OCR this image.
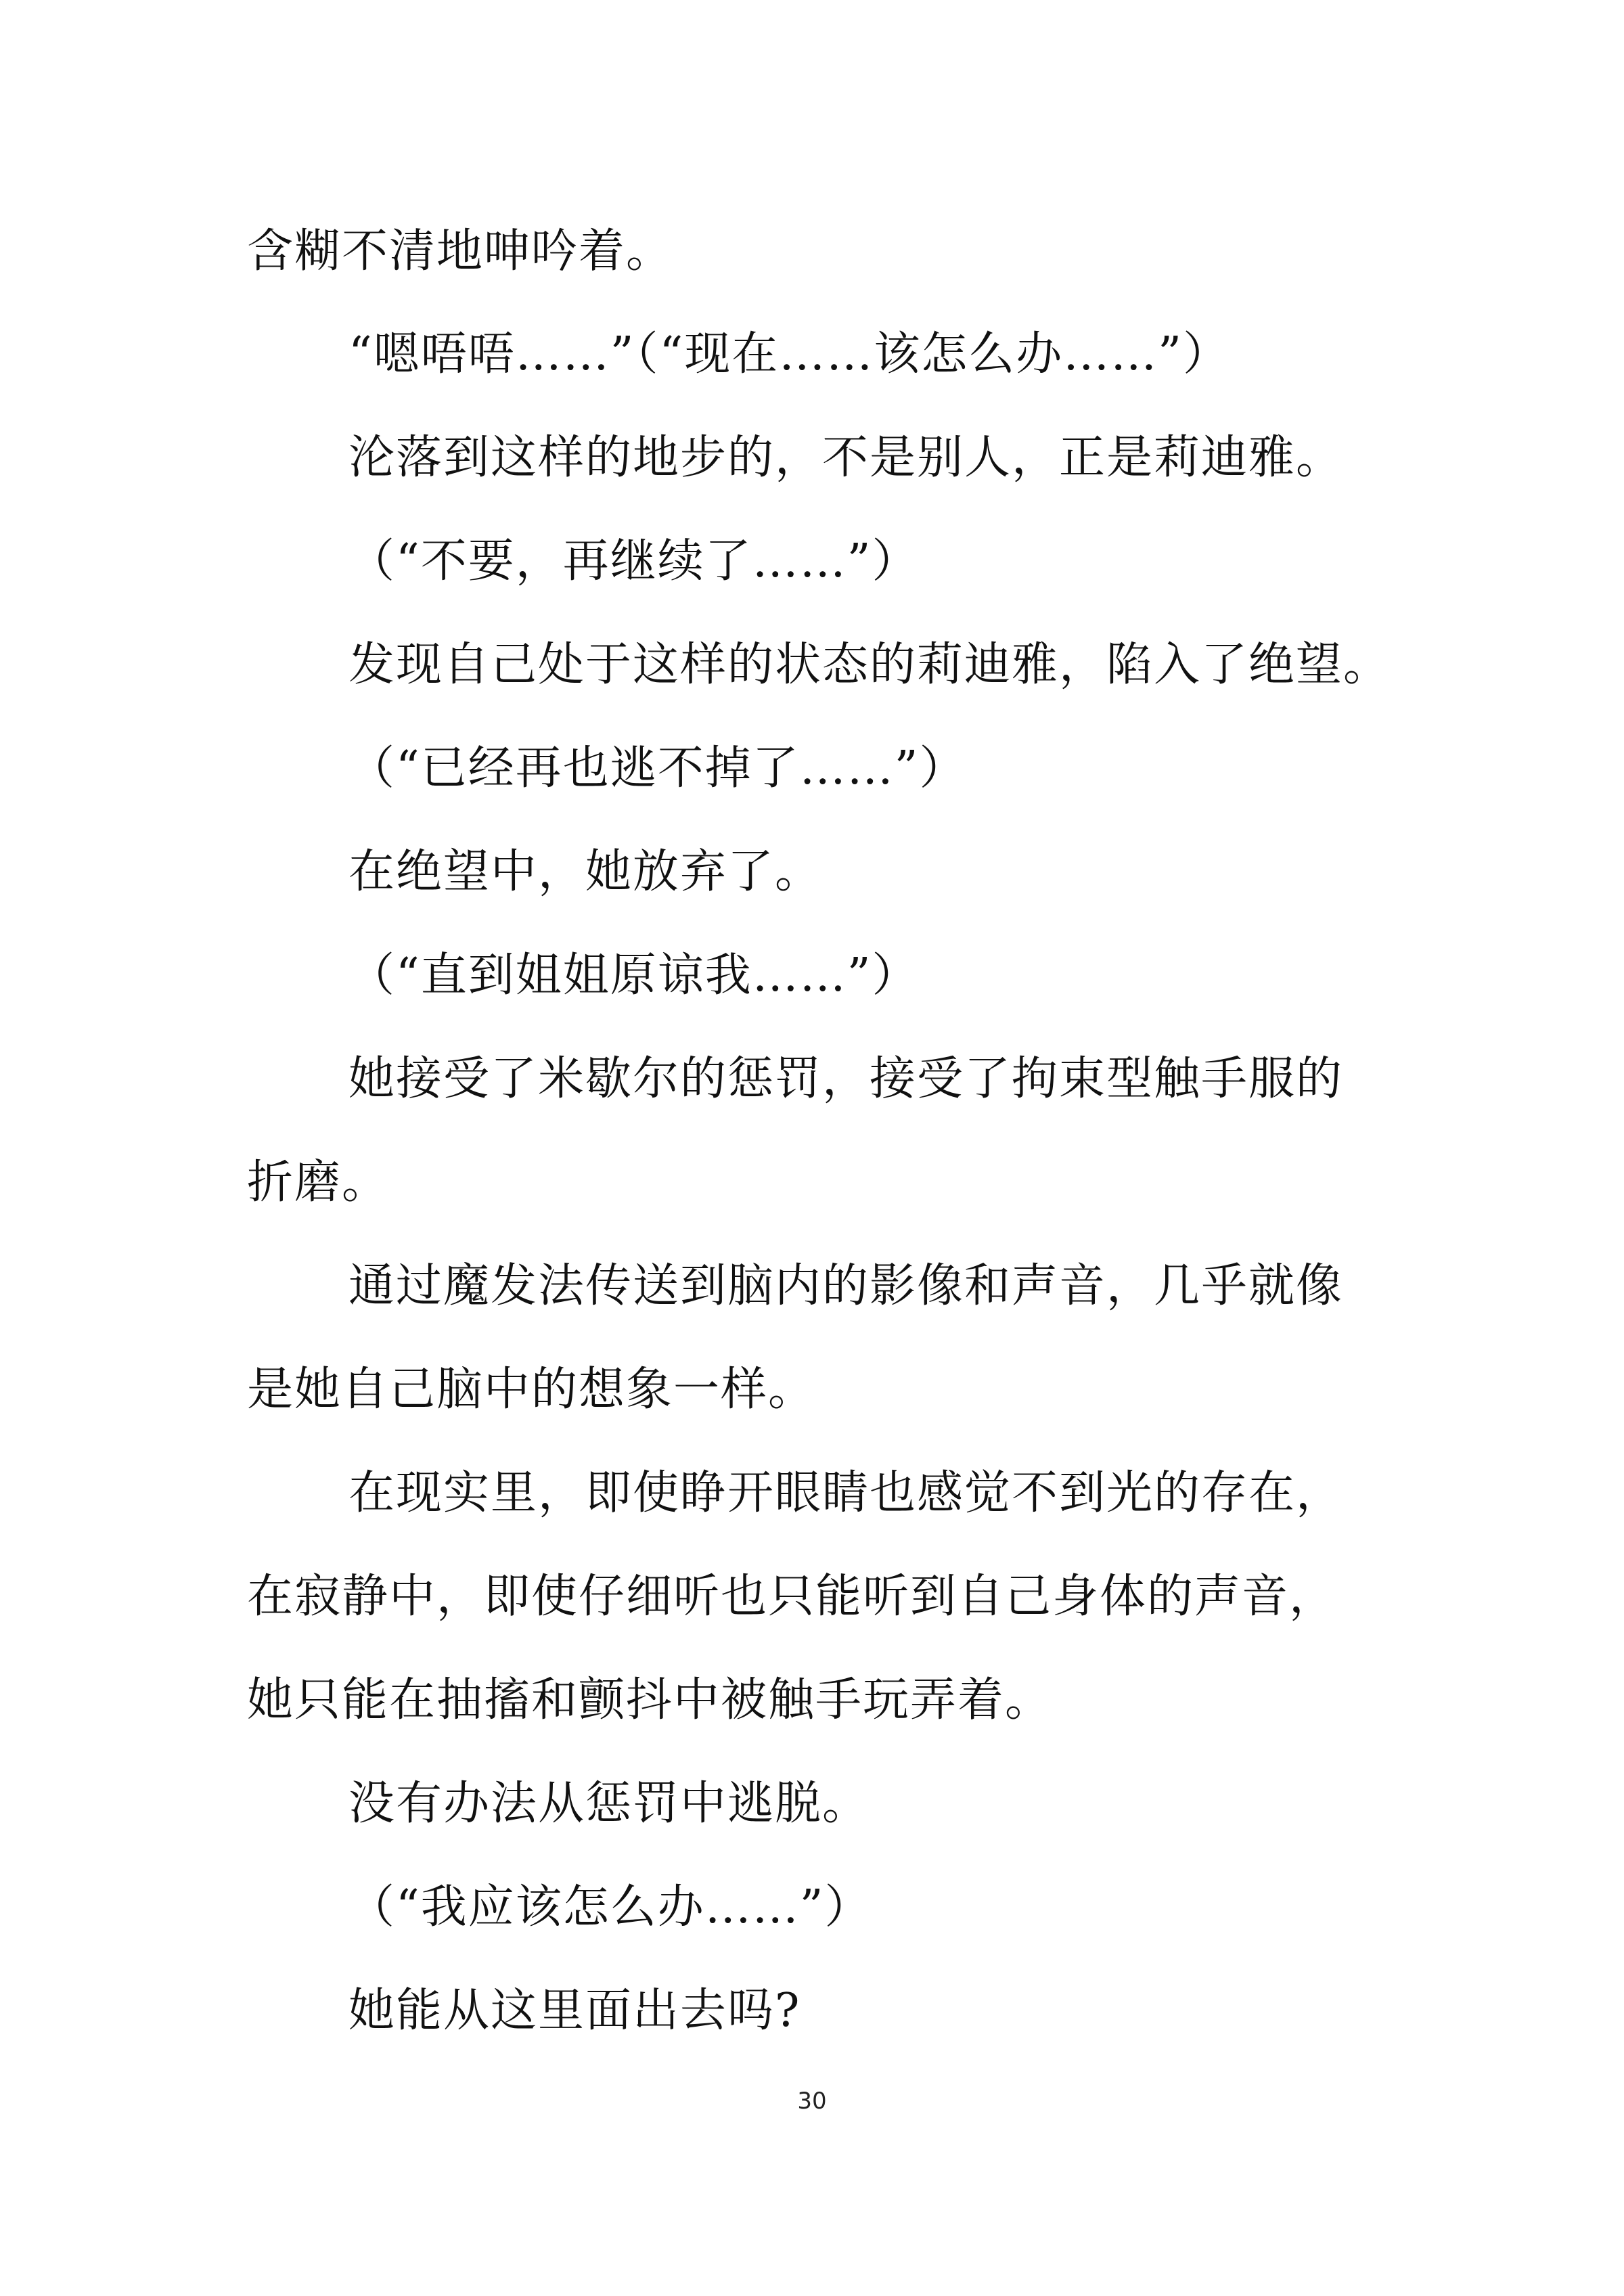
含糊不清地呻吟着。
“嗯唔唔……”（“现在……该怎么办……”）
沦落到这样的地步的，不是别人，正是莉迪雅。
（“不要，再继续了……”）
发现自己处于这样的状态的莉迪雅，陷入了绝望。
（“已经再也逃不掉了……”）
在绝望中，她放弃了。
（“直到姐姐原谅我……”）
她接受了米歇尔的惩罚，接受了拘束型触手服的
折磨。
通过魔发法传送到脑内的影像和声音，几乎就像
是她自己脑中的想象一样。
在现实里，即使睁开眼睛也感觉不到光的存在，
在寂静中，即使仔细听也只能听到自己身体的声音，
她只能在抽搐和颤抖中被触手玩弄着。
没有办法从惩罚中逃脱。
（“我应该怎么办……”）
她能从这里面出去吗?
30
